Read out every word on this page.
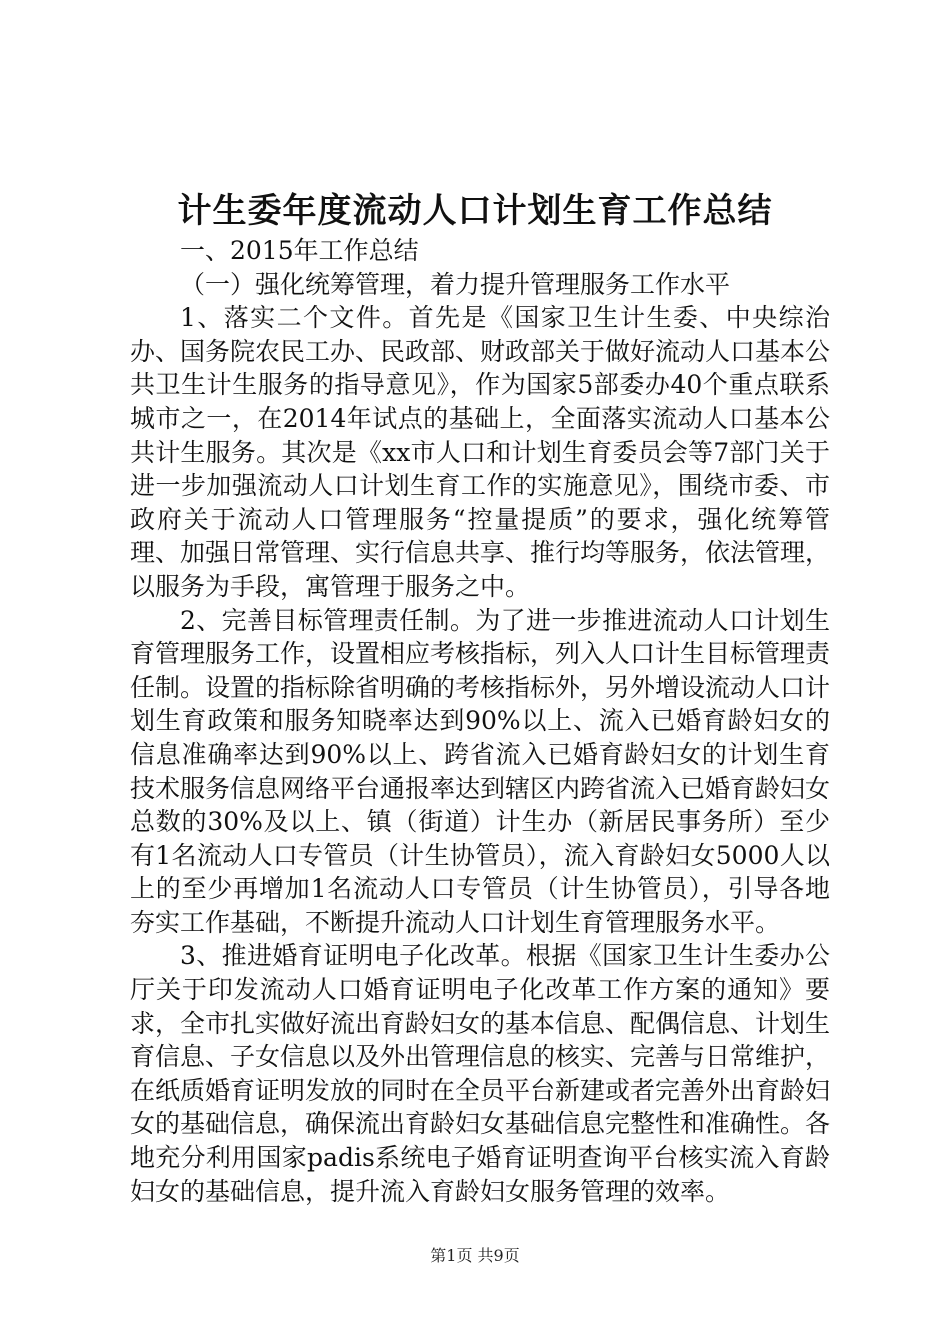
计生委年度流动人口计划生育工作总结

一、2015年工作总结

（一）强化统筹管理，着力提升管理服务工作水平

1、落实二个文件。首先是《国家卫生计生委、中央综治办、国务院农民工办、民政部、财政部关于做好流动人口基本公共卫生计生服务的指导意见》，作为国家5部委办40个重点联系城市之一，在2014年试点的基础上，全面落实流动人口基本公共计生服务。其次是《xx市人口和计划生育委员会等7部门关于进一步加强流动人口计划生育工作的实施意见》，围绕市委、市政府关于流动人口管理服务“控量提质”的要求，强化统筹管理、加强日常管理、实行信息共享、推行均等服务，依法管理，以服务为手段，寓管理于服务之中。

2、完善目标管理责任制。为了进一步推进流动人口计划生育管理服务工作，设置相应考核指标，列入人口计生目标管理责任制。设置的指标除省明确的考核指标外，另外增设流动人口计划生育政策和服务知晓率达到90%以上、流入已婚育龄妇女的信息准确率达到90%以上、跨省流入已婚育龄妇女的计划生育技术服务信息网络平台通报率达到辖区内跨省流入已婚育龄妇女总数的30%及以上、镇（街道）计生办（新居民事务所）至少有1名流动人口专管员（计生协管员），流入育龄妇女5000人以上的至少再增加1名流动人口专管员（计生协管员），引导各地夯实工作基础，不断提升流动人口计划生育管理服务水平。

3、推进婚育证明电子化改革。根据《国家卫生计生委办公厅关于印发流动人口婚育证明电子化改革工作方案的通知》要求，全市扎实做好流出育龄妇女的基本信息、配偶信息、计划生育信息、子女信息以及外出管理信息的核实、完善与日常维护，在纸质婚育证明发放的同时在全员平台新建或者完善外出育龄妇女的基础信息，确保流出育龄妇女基础信息完整性和准确性。各地充分利用国家padis系统电子婚育证明查询平台核实流入育龄妇女的基础信息，提升流入育龄妇女服务管理的效率。

第1页 共9页
